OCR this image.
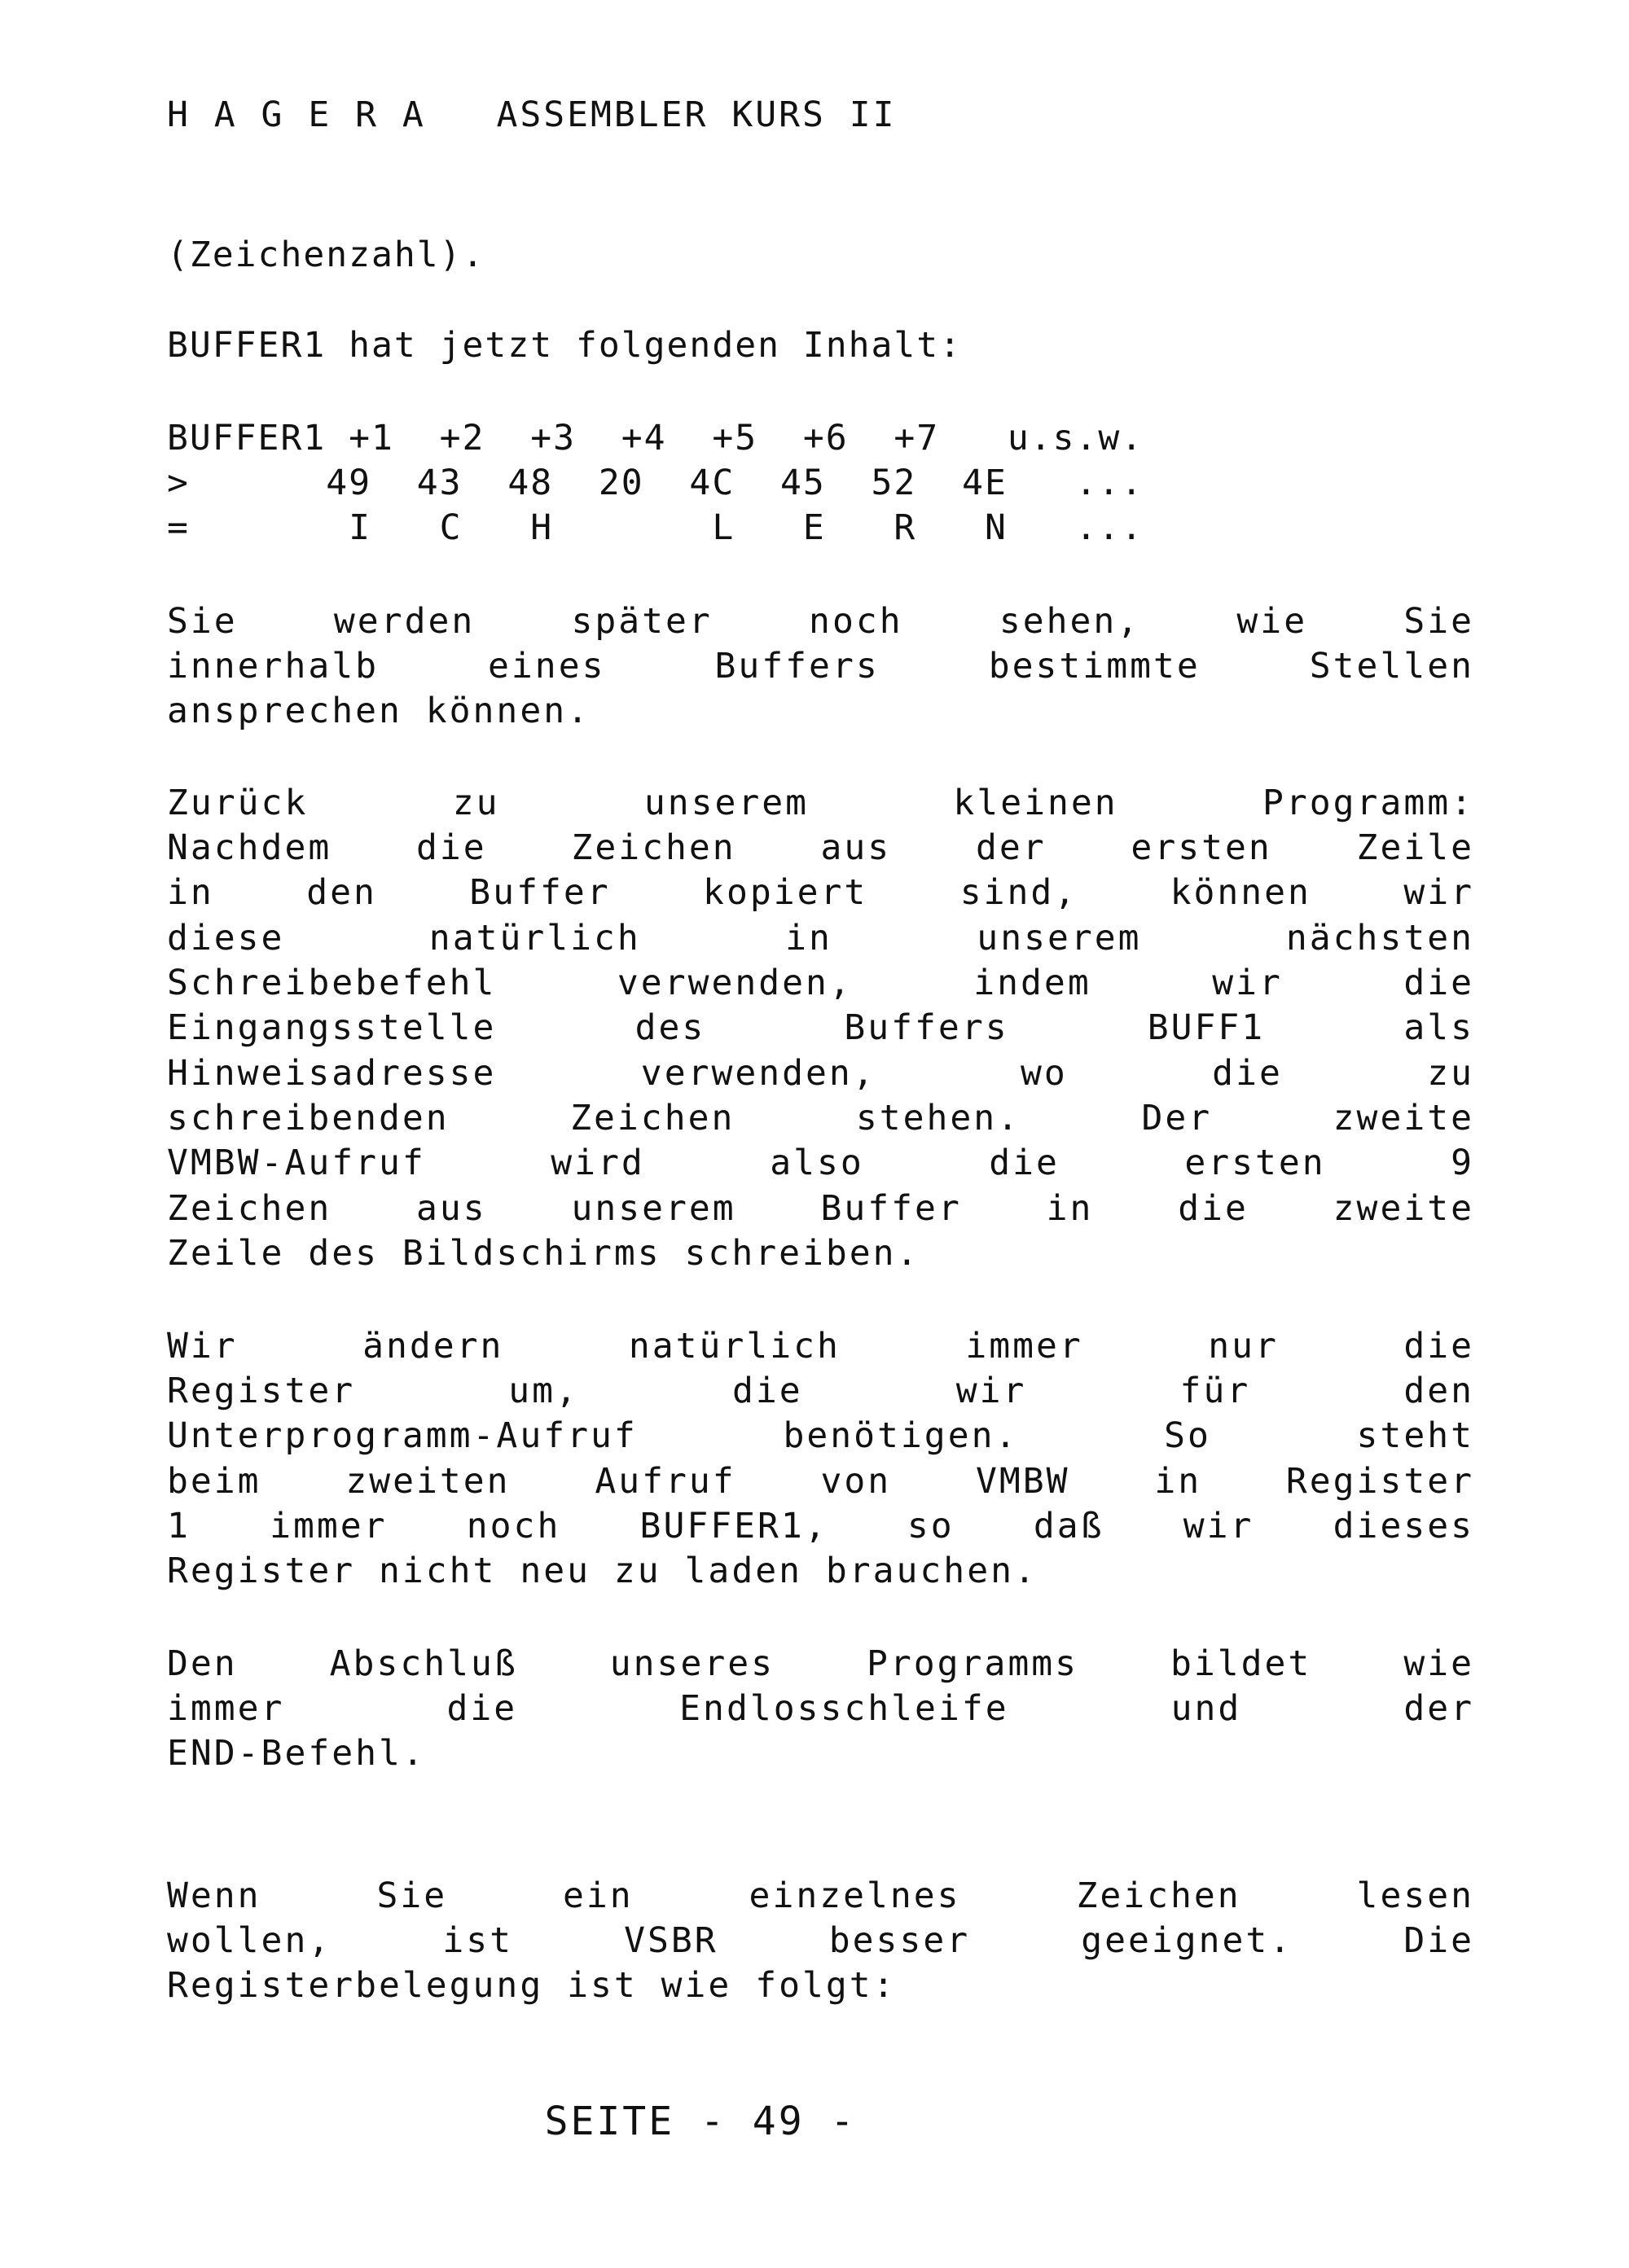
H A G E R A ASSEMBLER KURS II
(Zeichenzahl).
BUFFER1 hat jetzt folgenden Inhalt:
BUFFER1 +1  +2  +3  +4  +5  +6  +7   u.s.w.
>      49  43  48  20  4C  45  52  4E   ...
=       I   C   H       L   E   R   N   ...
Sie werden später noch sehen, wie Sie
innerhalb eines Buffers bestimmte Stellen
ansprechen können.
Zurück zu unserem kleinen Programm:
Nachdem die Zeichen aus der ersten Zeile
in den Buffer kopiert sind, können wir
diese natürlich in unserem nächsten
Schreibebefehl verwenden, indem wir die
Eingangsstelle des Buffers BUFF1 als
Hinweisadresse verwenden, wo die zu
schreibenden Zeichen stehen. Der zweite
VMBW-Aufruf wird also die ersten 9
Zeichen aus unserem Buffer in die zweite
Zeile des Bildschirms schreiben.
Wir ändern natürlich immer nur die
Register um, die wir für den
Unterprogramm-Aufruf benötigen. So steht
beim zweiten Aufruf von VMBW in Register
1 immer noch BUFFER1, so daß wir dieses
Register nicht neu zu laden brauchen.
Den Abschluß unseres Programms bildet wie
immer die Endlosschleife und der
END-Befehl.
Wenn Sie ein einzelnes Zeichen lesen
wollen, ist VSBR besser geeignet. Die
Registerbelegung ist wie folgt:
SEITE - 49 -
